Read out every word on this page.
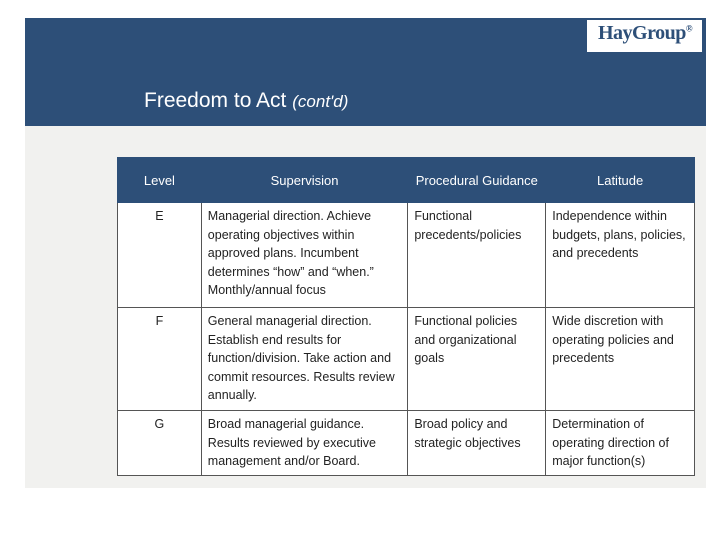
HayGroup®
Freedom to Act (cont'd)
Level	Supervision	Procedural Guidance	Latitude
E	Managerial direction. Achieve operating objectives within approved plans. Incumbent determines “how” and “when.” Monthly/annual focus	Functional precedents/policies	Independence within budgets, plans, policies, and precedents
F	General managerial direction. Establish end results for function/division. Take action and commit resources. Results review annually.	Functional policies and organizational goals	Wide discretion with operating policies and precedents
G	Broad managerial guidance. Results reviewed by executive management and/or Board.	Broad policy and strategic objectives	Determination of operating direction of major function(s)
